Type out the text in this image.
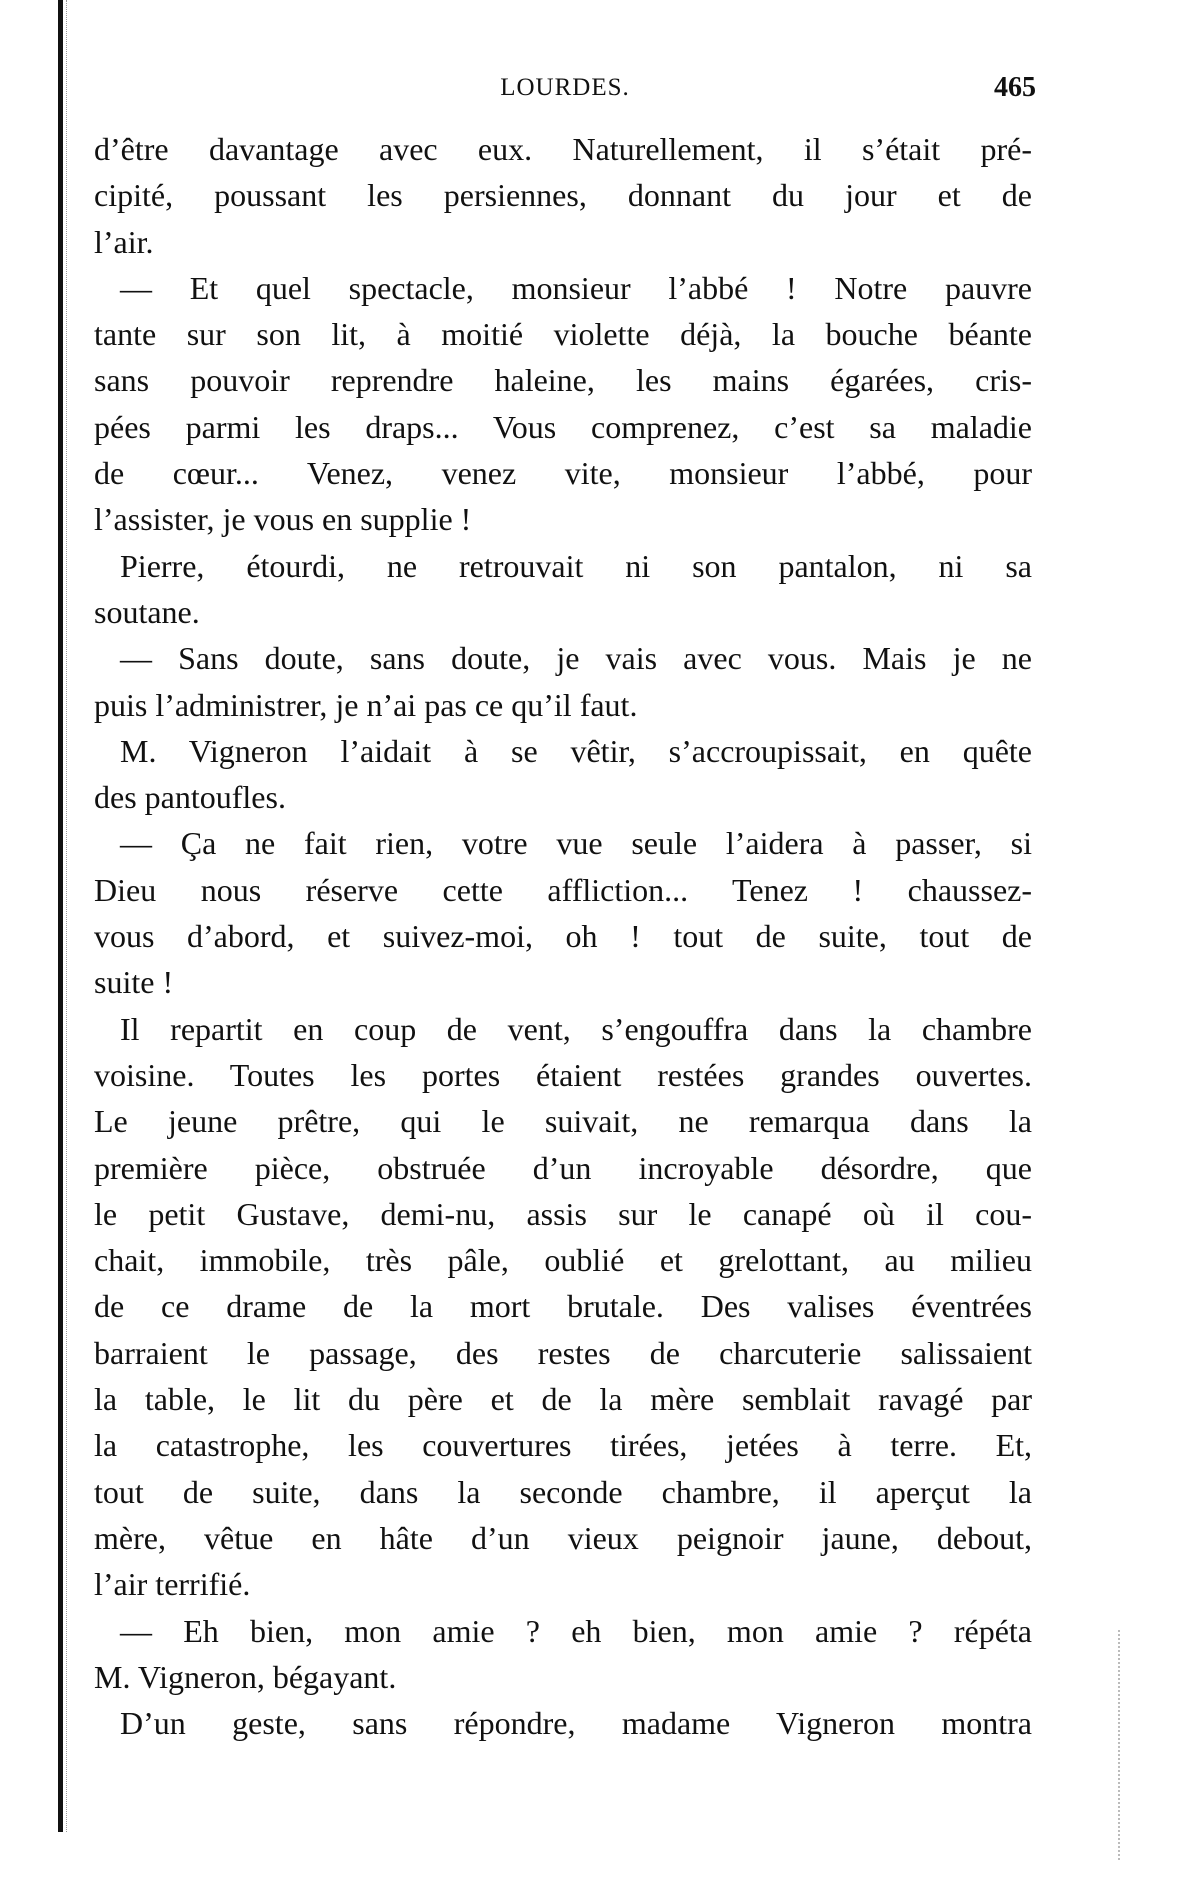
LOURDES.	465
d’être davantage avec eux. Naturellement, il s’était pré-
cipité, poussant les persiennes, donnant du jour et de
l’air.
— Et quel spectacle, monsieur l’abbé ! Notre pauvre
tante sur son lit, à moitié violette déjà, la bouche béante
sans pouvoir reprendre haleine, les mains égarées, cris-
pées parmi les draps... Vous comprenez, c’est sa maladie
de cœur... Venez, venez vite, monsieur l’abbé, pour
l’assister, je vous en supplie !
Pierre, étourdi, ne retrouvait ni son pantalon, ni sa
soutane.
— Sans doute, sans doute, je vais avec vous. Mais je ne
puis l’administrer, je n’ai pas ce qu’il faut.
M. Vigneron l’aidait à se vêtir, s’accroupissait, en quête
des pantoufles.
— Ça ne fait rien, votre vue seule l’aidera à passer, si
Dieu nous réserve cette affliction... Tenez ! chaussez-
vous d’abord, et suivez-moi, oh ! tout de suite, tout de
suite !
Il repartit en coup de vent, s’engouffra dans la chambre
voisine. Toutes les portes étaient restées grandes ouvertes.
Le jeune prêtre, qui le suivait, ne remarqua dans la
première pièce, obstruée d’un incroyable désordre, que
le petit Gustave, demi-nu, assis sur le canapé où il cou-
chait, immobile, très pâle, oublié et grelottant, au milieu
de ce drame de la mort brutale. Des valises éventrées
barraient le passage, des restes de charcuterie salissaient
la table, le lit du père et de la mère semblait ravagé par
la catastrophe, les couvertures tirées, jetées à terre. Et,
tout de suite, dans la seconde chambre, il aperçut la
mère, vêtue en hâte d’un vieux peignoir jaune, debout,
l’air terrifié.
— Eh bien, mon amie ? eh bien, mon amie ? répéta
M. Vigneron, bégayant.
D’un geste, sans répondre, madame Vigneron montra
